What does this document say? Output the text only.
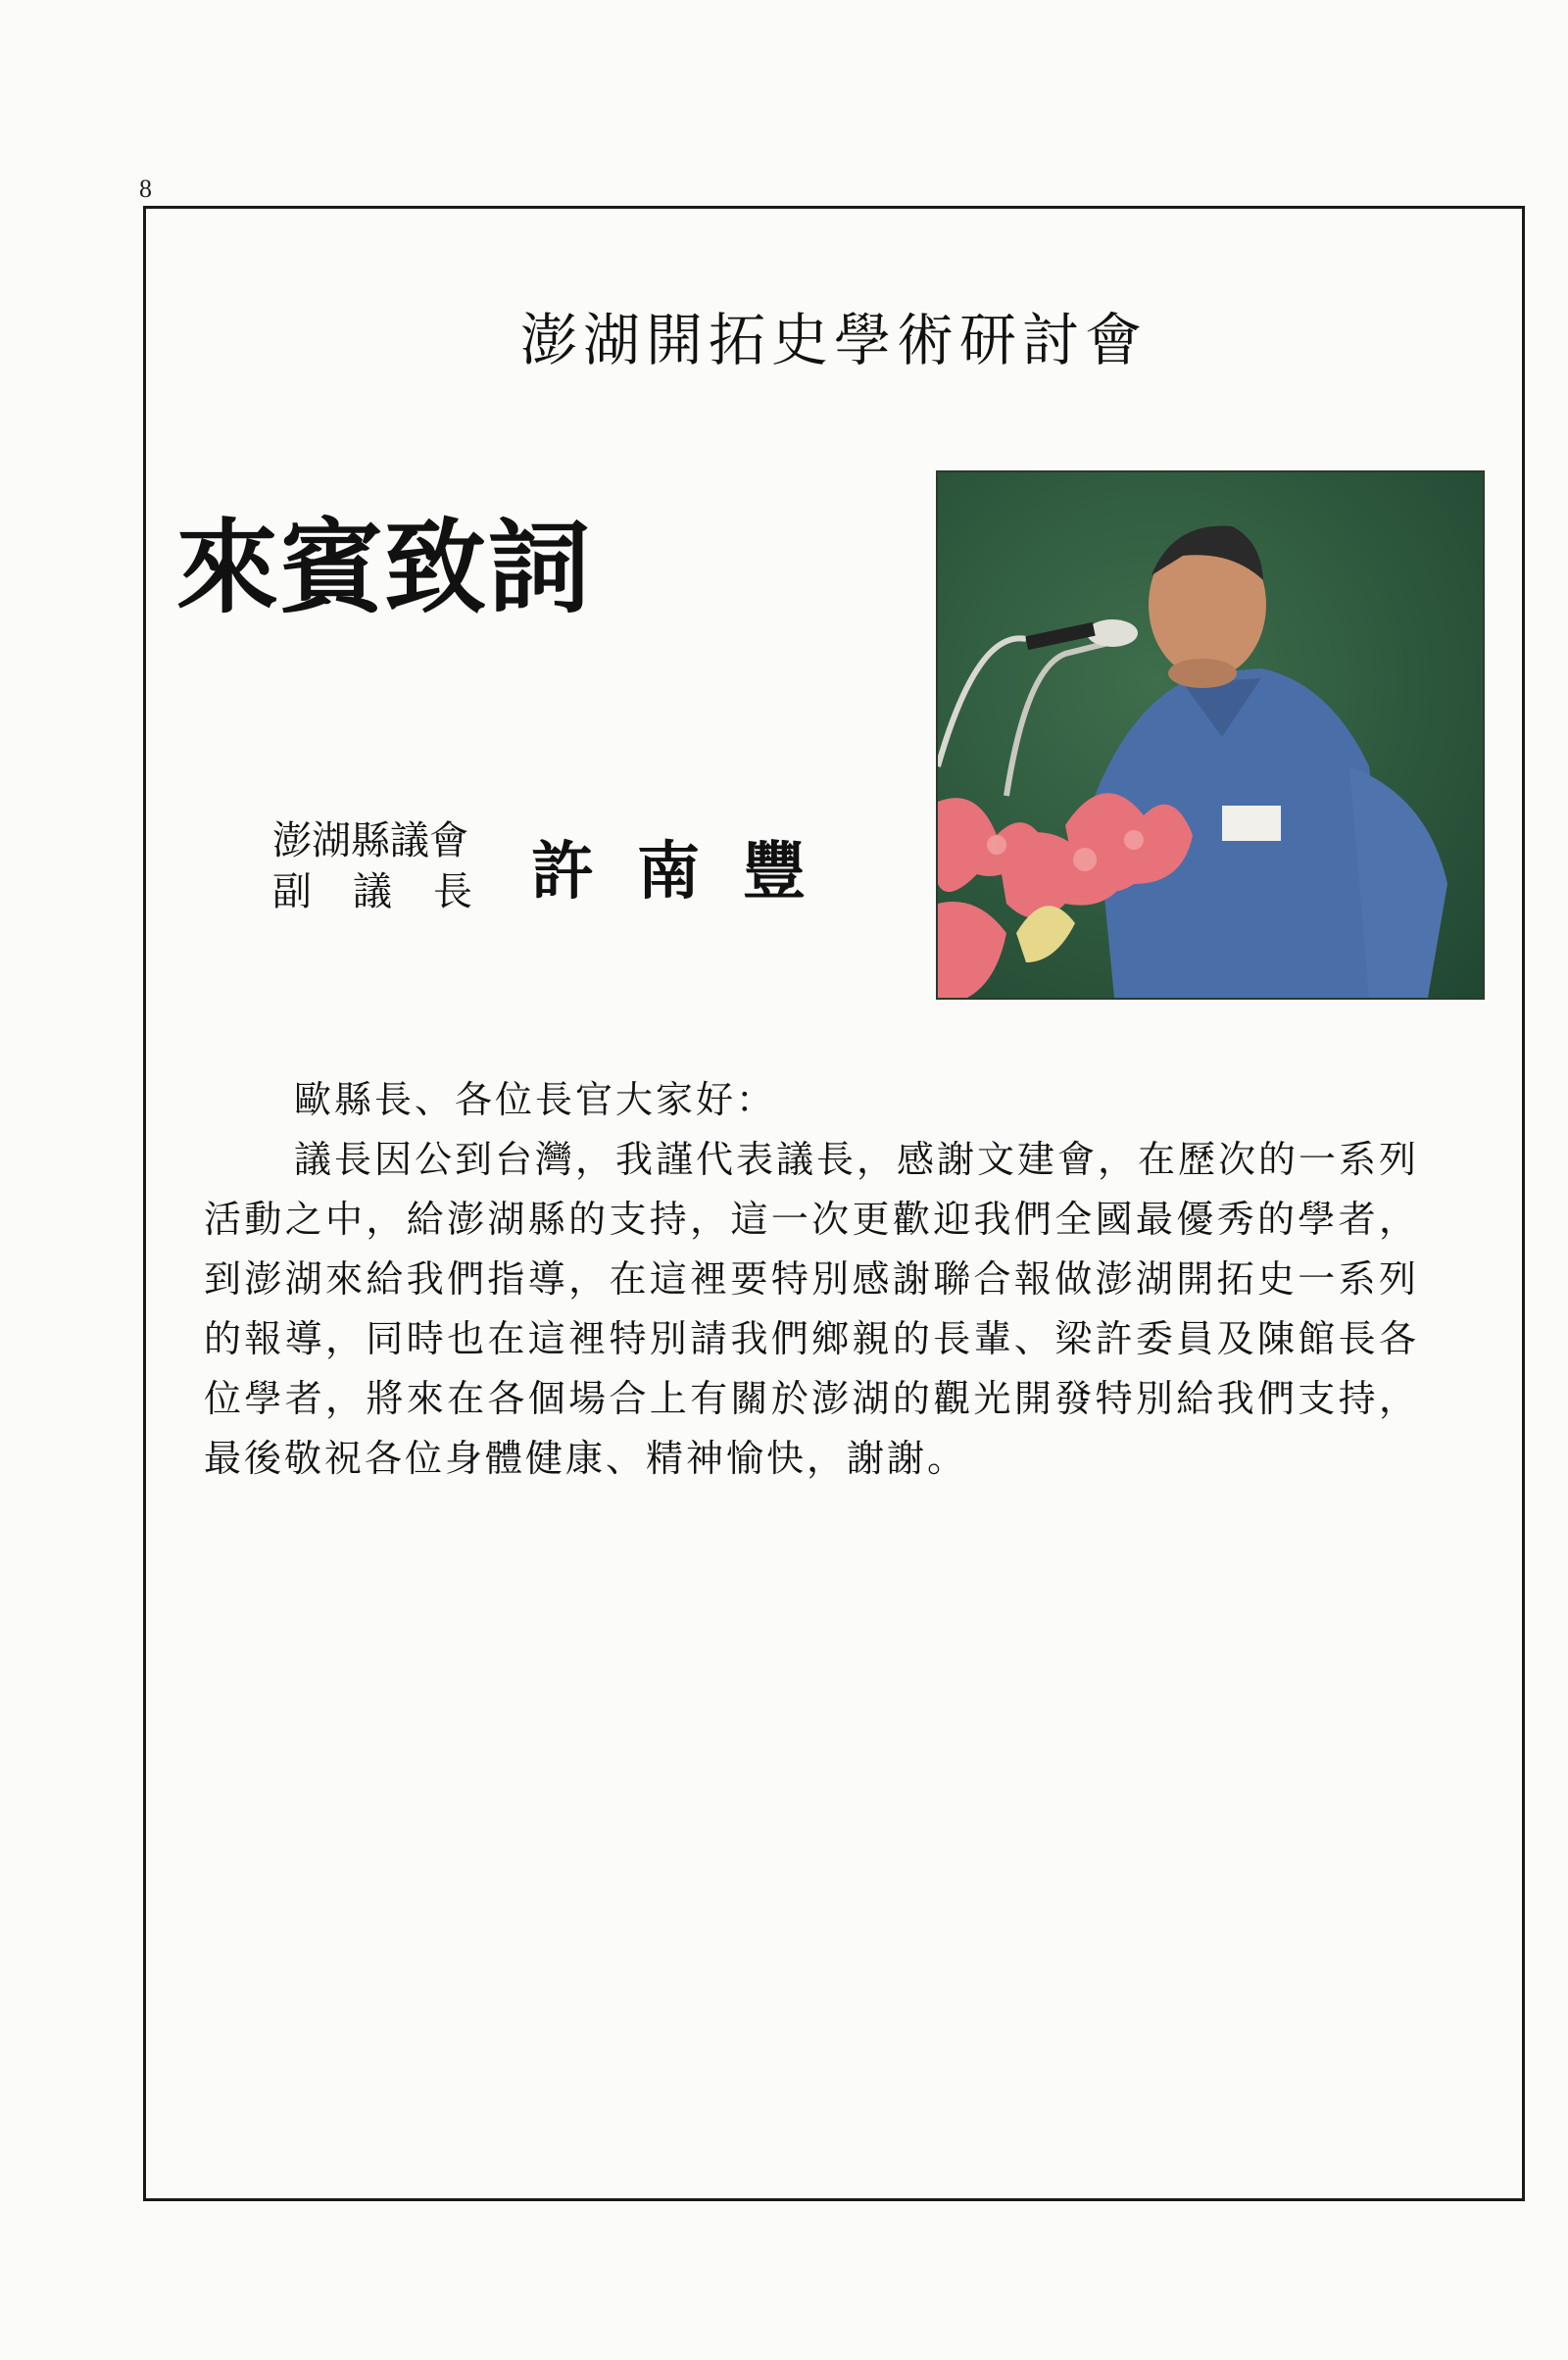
8
澎湖開拓史學術研討會
來賓致詞
澎湖縣議會
副議長 許南豐

歐縣長、各位長官大家好：

議長因公到台灣，我謹代表議長，感謝文建會，在歷次的一系列活動之中，給澎湖縣的支持，這一次更歡迎我們全國最優秀的學者，到澎湖來給我們指導，在這裡要特別感謝聯合報做澎湖開拓史一系列的報導，同時也在這裡特別請我們鄉親的長輩、梁許委員及陳館長各位學者，將來在各個場合上有關於澎湖的觀光開發特別給我們支持，最後敬祝各位身體健康、精神愉快，謝謝。
